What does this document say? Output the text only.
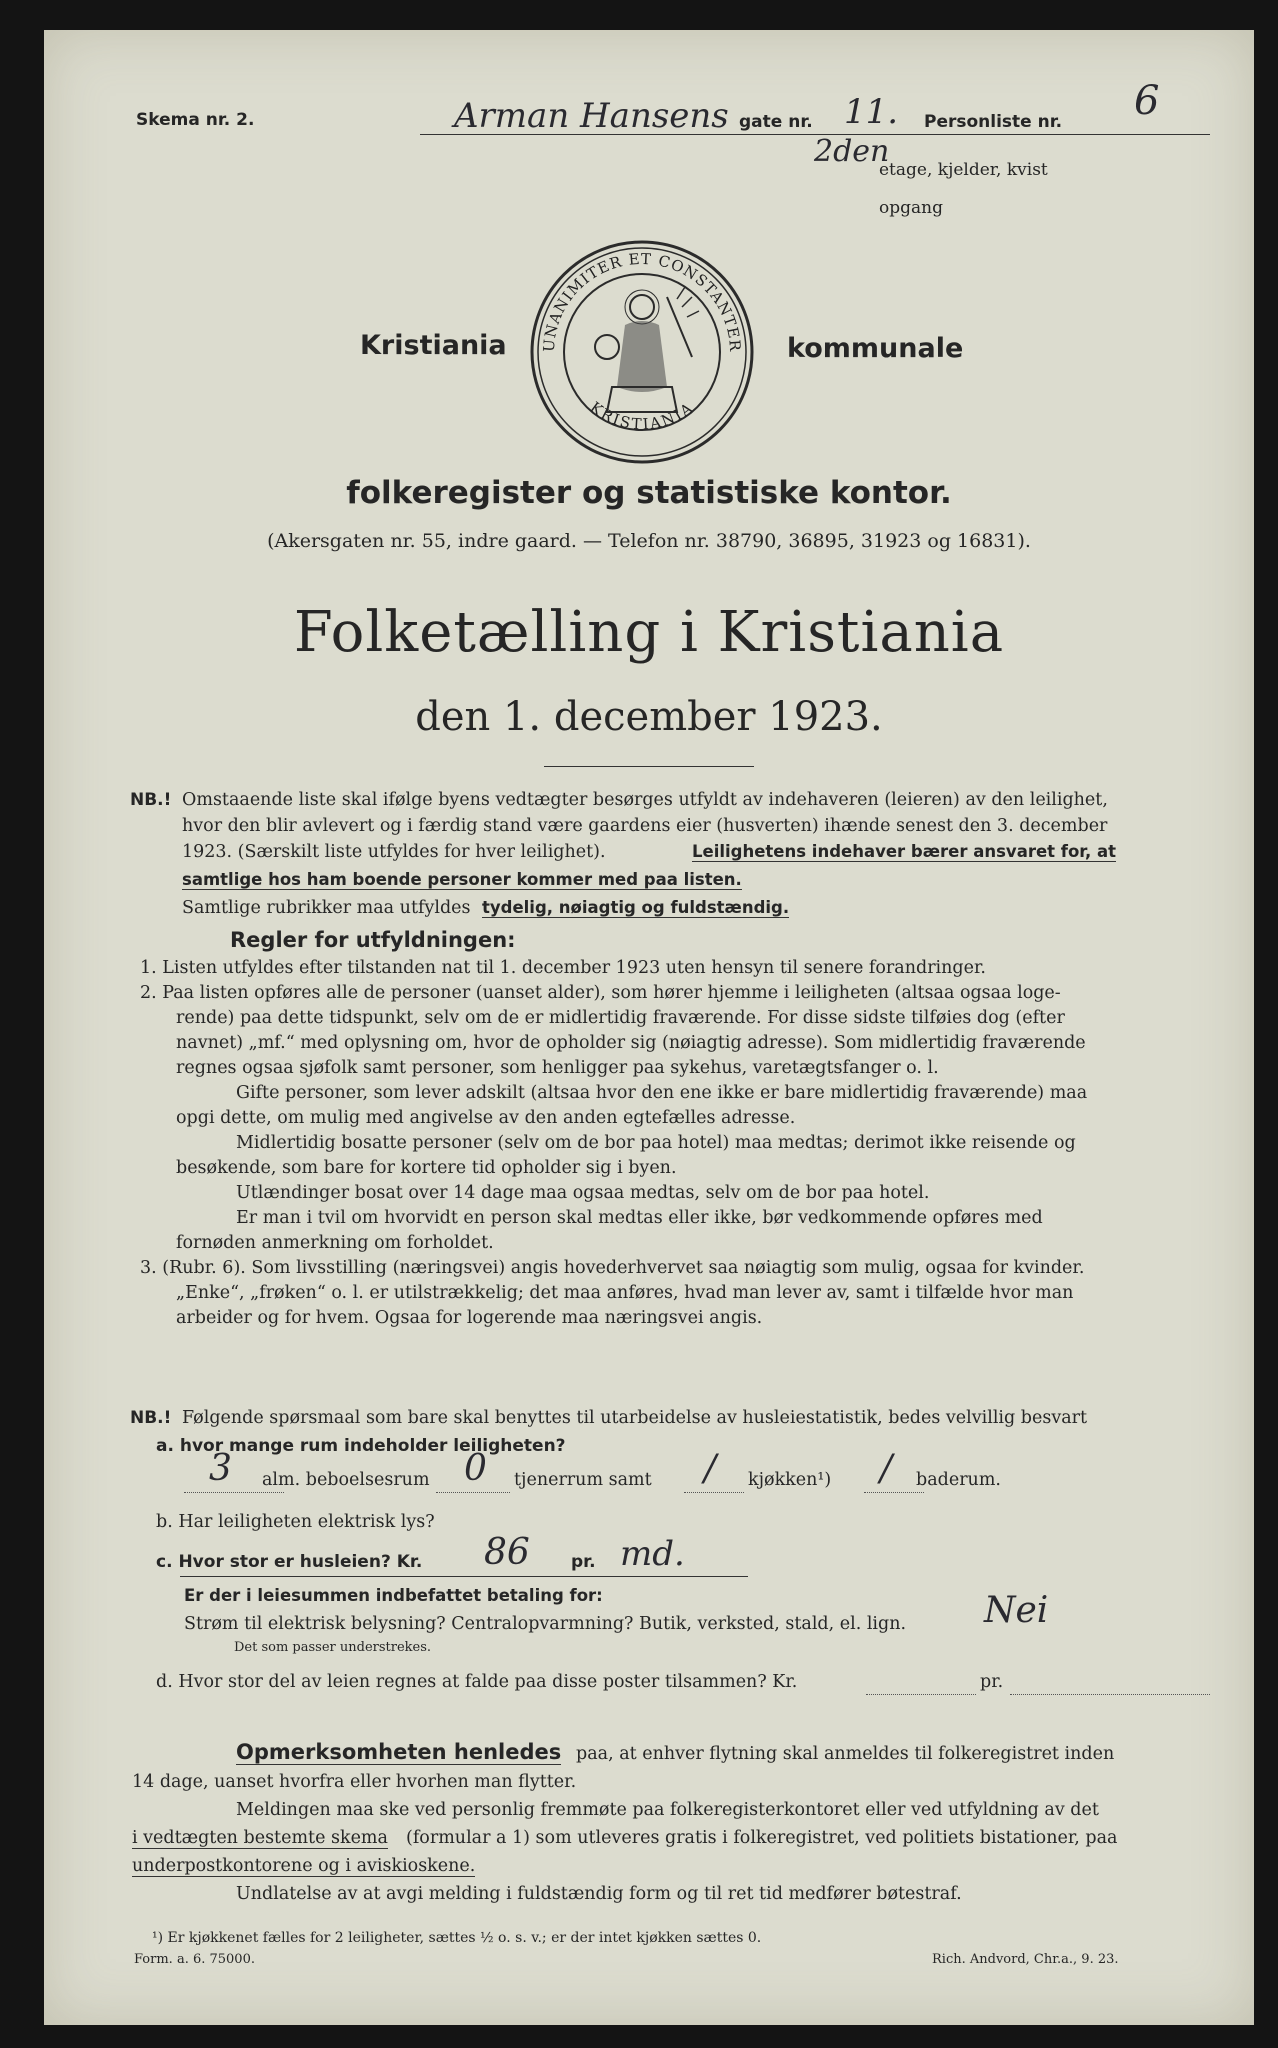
Skema nr. 2.	Arman Hansens gate nr. 11. Personliste nr. 6
2den
etage, kjelder, kvist
opgang
Kristiania UNANIMITER ET CONSTANTER
KRISTIANIA
kommunale
folkeregister og statistiske kontor.
(Akersgaten nr. 55, indre gaard. — Telefon nr. 38790, 36895, 31923 og 16831).
Folketælling i Kristiania
den 1. december 1923.
NB.! Omstaaende liste skal ifølge byens vedtægter besørges utfyldt av indehaveren (leieren) av den leilighet,
hvor den blir avlevert og i færdig stand være gaardens eier (husverten) ihænde senest den 3. december
1923. (Særskilt liste utfyldes for hver leilighet).	Leilighetens indehaver bærer ansvaret for, at
samtlige hos ham boende personer kommer med paa listen.
Samtlige rubrikker maa utfyldes tydelig, nøiagtig og fuldstændig.
Regler for utfyldningen:
1. Listen utfyldes efter tilstanden nat til 1. december 1923 uten hensyn til senere forandringer.
2. Paa listen opføres alle de personer (uanset alder), som hører hjemme i leiligheten (altsaa ogsaa loge-
rende) paa dette tidspunkt, selv om de er midlertidig fraværende. For disse sidste tilføies dog (efter
navnet) „mf.“ med oplysning om, hvor de opholder sig (nøiagtig adresse). Som midlertidig fraværende
regnes ogsaa sjøfolk samt personer, som henligger paa sykehus, varetægtsfanger o. l.
Gifte personer, som lever adskilt (altsaa hvor den ene ikke er bare midlertidig fraværende) maa
opgi dette, om mulig med angivelse av den anden egtefælles adresse.
Midlertidig bosatte personer (selv om de bor paa hotel) maa medtas; derimot ikke reisende og
besøkende, som bare for kortere tid opholder sig i byen.
Utlændinger bosat over 14 dage maa ogsaa medtas, selv om de bor paa hotel.
Er man i tvil om hvorvidt en person skal medtas eller ikke, bør vedkommende opføres med
fornøden anmerkning om forholdet.
3. (Rubr. 6). Som livsstilling (næringsvei) angis hovederhvervet saa nøiagtig som mulig, ogsaa for kvinder.
„Enke“, „frøken“ o. l. er utilstrækkelig; det maa anføres, hvad man lever av, samt i tilfælde hvor man
arbeider og for hvem. Ogsaa for logerende maa næringsvei angis.
NB.! Følgende spørsmaal som bare skal benyttes til utarbeidelse av husleiestatistik, bedes velvillig besvart
a. hvor mange rum indeholder leiligheten?
3 alm. beboelsesrum 0 tjenerrum samt / kjøkken¹) / baderum.
b. Har leiligheten elektrisk lys?
c. Hvor stor er husleien? Kr. 86 pr. md.
Er der i leiesummen indbefattet betaling for:
Strøm til elektrisk belysning? Centralopvarmning? Butik, verksted, stald, el. lign. Nei
Det som passer understrekes.
d. Hvor stor del av leien regnes at falde paa disse poster tilsammen? Kr.	pr.
Opmerksomheten henledes paa, at enhver flytning skal anmeldes til folkeregistret inden
14 dage, uanset hvorfra eller hvorhen man flytter.
Meldingen maa ske ved personlig fremmøte paa folkeregisterkontoret eller ved utfyldning av det
i vedtægten bestemte skema (formular a 1) som utleveres gratis i folkeregistret, ved politiets bistationer, paa
underpostkontorene og i aviskioskene.
Undlatelse av at avgi melding i fuldstændig form og til ret tid medfører bøtestraf.
¹) Er kjøkkenet fælles for 2 leiligheter, sættes ½ o. s. v.; er der intet kjøkken sættes 0.
Form. a. 6. 75000.	Rich. Andvord, Chr.a., 9. 23.
